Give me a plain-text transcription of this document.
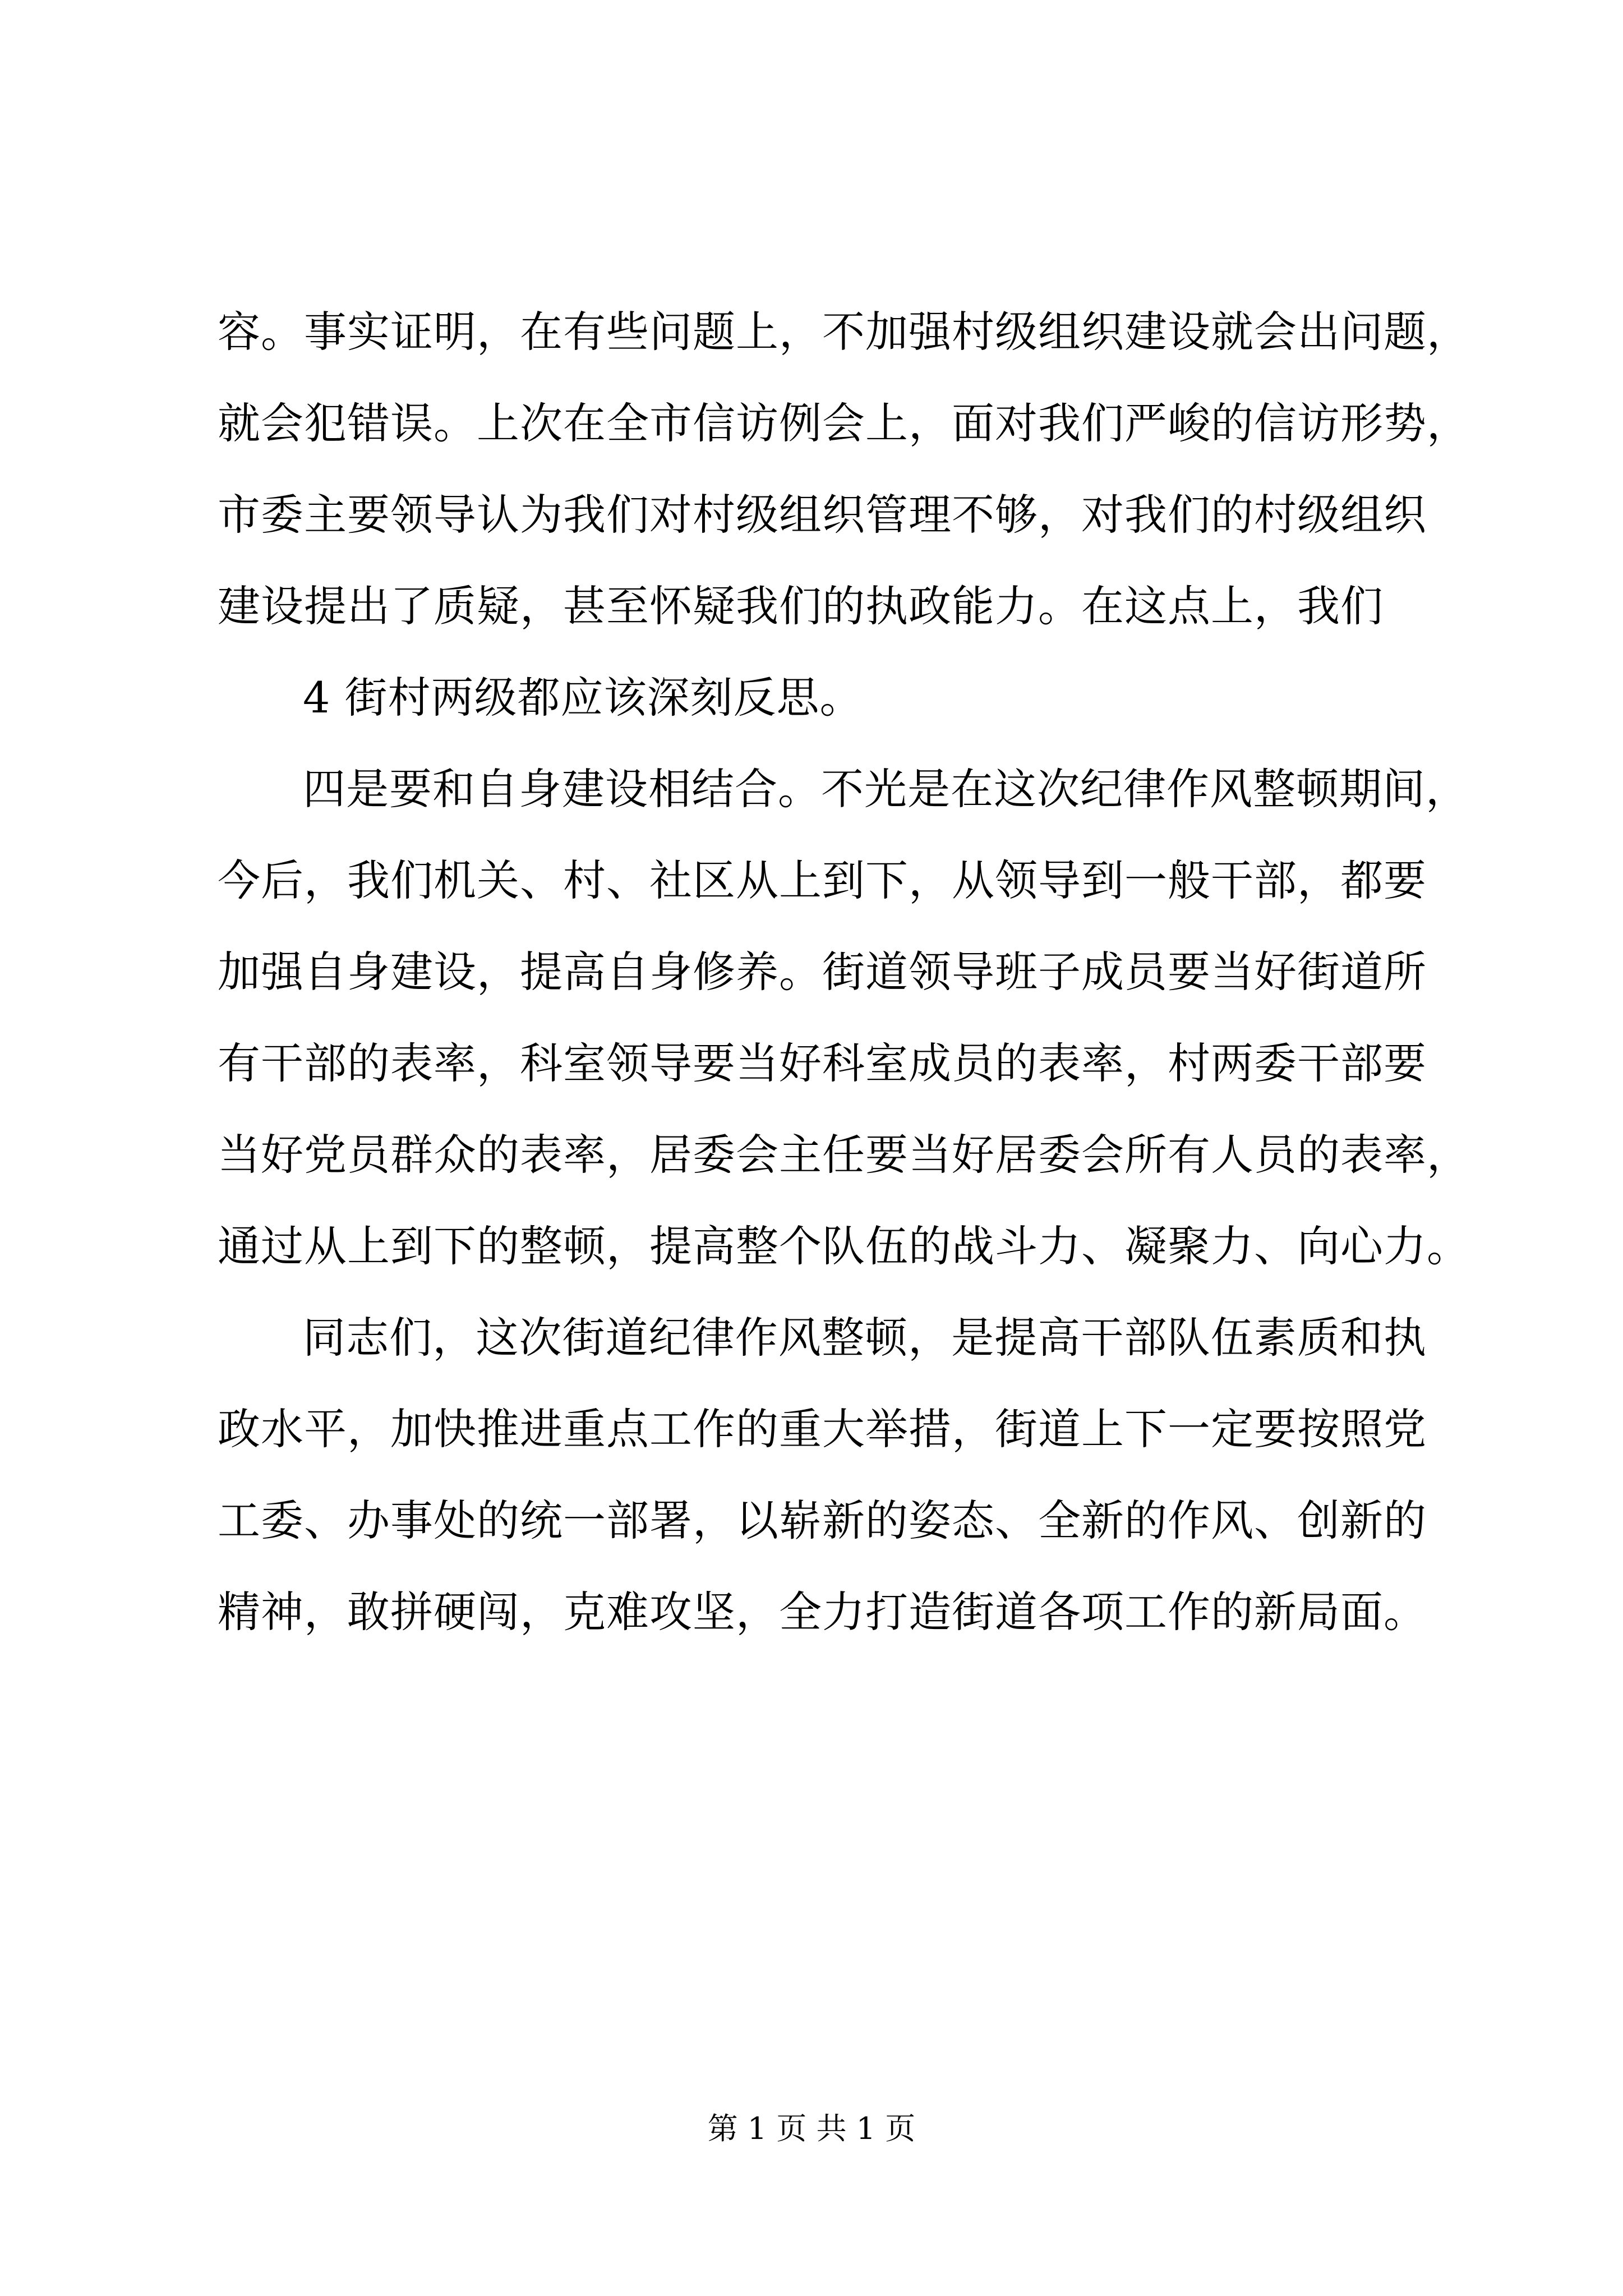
容。事实证明，在有些问题上，不加强村级组织建设就会出问题，
就会犯错误。上次在全市信访例会上，面对我们严峻的信访形势，
市委主要领导认为我们对村级组织管理不够，对我们的村级组织
建设提出了质疑，甚至怀疑我们的执政能力。在这点上，我们
4 街村两级都应该深刻反思。
四是要和自身建设相结合。不光是在这次纪律作风整顿期间，
今后，我们机关、村、社区从上到下，从领导到一般干部，都要
加强自身建设，提高自身修养。街道领导班子成员要当好街道所
有干部的表率，科室领导要当好科室成员的表率，村两委干部要
当好党员群众的表率，居委会主任要当好居委会所有人员的表率，
通过从上到下的整顿，提高整个队伍的战斗力、凝聚力、向心力。
同志们，这次街道纪律作风整顿，是提高干部队伍素质和执
政水平，加快推进重点工作的重大举措，街道上下一定要按照党
工委、办事处的统一部署，以崭新的姿态、全新的作风、创新的
精神，敢拼硬闯，克难攻坚，全力打造街道各项工作的新局面。
第 1 页 共 1 页
